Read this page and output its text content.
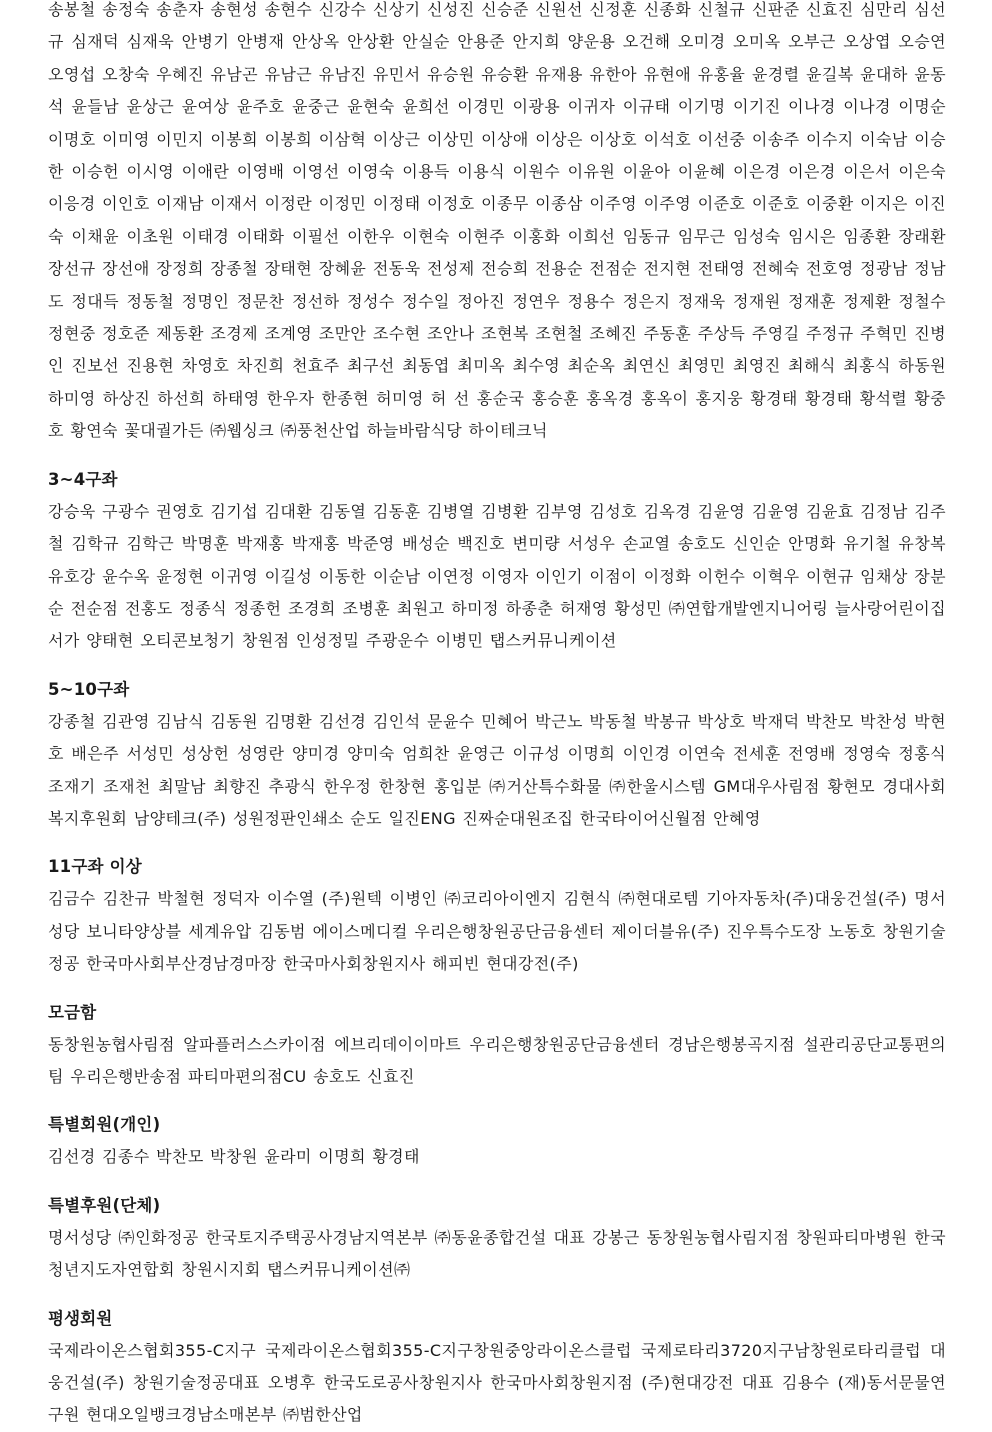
송봉철 송정숙 송춘자 송현성 송현수 신강수 신상기 신성진 신승준 신원선 신정훈 신종화 신철규 신판준 신효진 심만리 심선규 심재덕 심재욱 안병기 안병재 안상옥 안상환 안실순 안용준 안지희 양운용 오건해 오미경 오미옥 오부근 오상엽 오승연 오영섭 오창숙 우혜진 유남곤 유남근 유남진 유민서 유승원 유승환 유재용 유한아 유현애 유홍율 윤경렬 윤길복 윤대하 윤동석 윤들남 윤상근 윤여상 윤주호 윤중근 윤현숙 윤희선 이경민 이광용 이귀자 이규태 이기명 이기진 이나경 이나경 이명순 이명호 이미영 이민지 이봉희 이봉희 이삼혁 이상근 이상민 이상애 이상은 이상호 이석호 이선중 이송주 이수지 이숙남 이승한 이승헌 이시영 이애란 이영배 이영선 이영숙 이용득 이용식 이원수 이유원 이윤아 이윤혜 이은경 이은경 이은서 이은숙 이응경 이인호 이재남 이재서 이정란 이정민 이정태 이정호 이종무 이종삼 이주영 이주영 이준호 이준호 이중환 이지은 이진숙 이채윤 이초원 이태경 이태화 이필선 이한우 이현숙 이현주 이홍화 이희선 임동규 임무근 임성숙 임시은 임종환 장래환 장선규 장선애 장정희 장종철 장태현 장혜윤 전동욱 전성제 전승희 전용순 전점순 전지현 전태영 전혜숙 전호영 정광남 정남도 정대득 정동철 정명인 정문찬 정선하 정성수 정수일 정아진 정연우 정용수 정은지 정재욱 정재원 정재훈 정제환 정철수 정현중 정호준 제동환 조경제 조계영 조만안 조수현 조안나 조현복 조현철 조혜진 주동훈 주상득 주영길 주정규 주혁민 진병인 진보선 진용현 차영호 차진희 천효주 최구선 최동엽 최미옥 최수영 최순옥 최연신 최영민 최영진 최해식 최홍식 하동원 하미영 하상진 하선희 하태영 한우자 한종현 허미영 허 선 홍순국 홍승훈 홍옥경 홍옥이 홍지웅 황경태 황경태 황석렬 황중호 황연숙 꽃대궐가든 ㈜웹싱크 ㈜풍천산업 하늘바람식당 하이테크닉

3~4구좌

강승욱 구광수 권영호 김기섭 김대환 김동열 김동훈 김병열 김병환 김부영 김성호 김옥경 김윤영 김윤영 김윤효 김정남 김주철 김학규 김학근 박명훈 박재홍 박재홍 박준영 배성순 백진호 변미량 서성우 손교열 송호도 신인순 안명화 유기철 유창복 유호강 윤수옥 윤정현 이귀영 이길성 이동한 이순남 이연정 이영자 이인기 이점이 이정화 이헌수 이혁우 이현규 임채상 장분순 전순점 전홍도 정종식 정종헌 조경희 조병훈 최원고 하미정 하종춘 허재영 황성민 ㈜연합개발엔지니어링 늘사랑어린이집 서가 양태현 오티콘보청기 창원점 인성정밀 주광운수 이병민 탭스커뮤니케이션

5~10구좌

강종철 김관영 김남식 김동원 김명환 김선경 김인석 문윤수 민혜어 박근노 박동철 박봉규 박상호 박재덕 박찬모 박찬성 박현호 배은주 서성민 성상헌 성영란 양미경 양미숙 엄희찬 윤영근 이규성 이명희 이인경 이연숙 전세훈 전영배 정영숙 정홍식 조재기 조재천 최말남 최향진 추광식 한우정 한창현 홍입분 ㈜거산특수화물 ㈜한울시스템 GM대우사림점 황현모 경대사회복지후원회 남양테크(주) 성원정판인쇄소 순도 일진ENG 진짜순대원조집 한국타이어신월점 안혜영

11구좌 이상

김금수 김찬규 박철현 정덕자 이수열 (주)원텍 이병인 ㈜코리아이엔지 김현식 ㈜현대로템 기아자동차(주)대웅건설(주) 명서성당 보니타양상블 세계유압 김동범 에이스메디컬 우리은행창원공단금융센터 제이더블유(주) 진우특수도장 노동호 창원기술정공 한국마사회부산경남경마장 한국마사회창원지사 해피빈 현대강전(주)

모금함

동창원농협사림점 알파플러스스카이점 에브리데이이마트 우리은행창원공단금융센터 경남은행봉곡지점 설관리공단교통편의팀 우리은행반송점 파티마편의점CU 송호도 신효진

특별회원(개인)

김선경 김종수 박찬모 박창원 윤라미 이명희 황경태

특별후원(단체)

명서성당 ㈜인화정공 한국토지주택공사경남지역본부 ㈜동윤종합건설 대표 강봉근 동창원농협사림지점 창원파티마병원 한국청년지도자연합회 창원시지회 탭스커뮤니케이션㈜

평생회원

국제라이온스협회355-C지구 국제라이온스협회355-C지구창원중앙라이온스클럽 국제로타리3720지구남창원로타리클럽 대웅건설(주) 창원기술정공대표 오병후 한국도로공사창원지사 한국마사회창원지점 (주)현대강전 대표 김용수 (재)동서문물연구원 현대오일뱅크경남소매본부 ㈜범한산업
